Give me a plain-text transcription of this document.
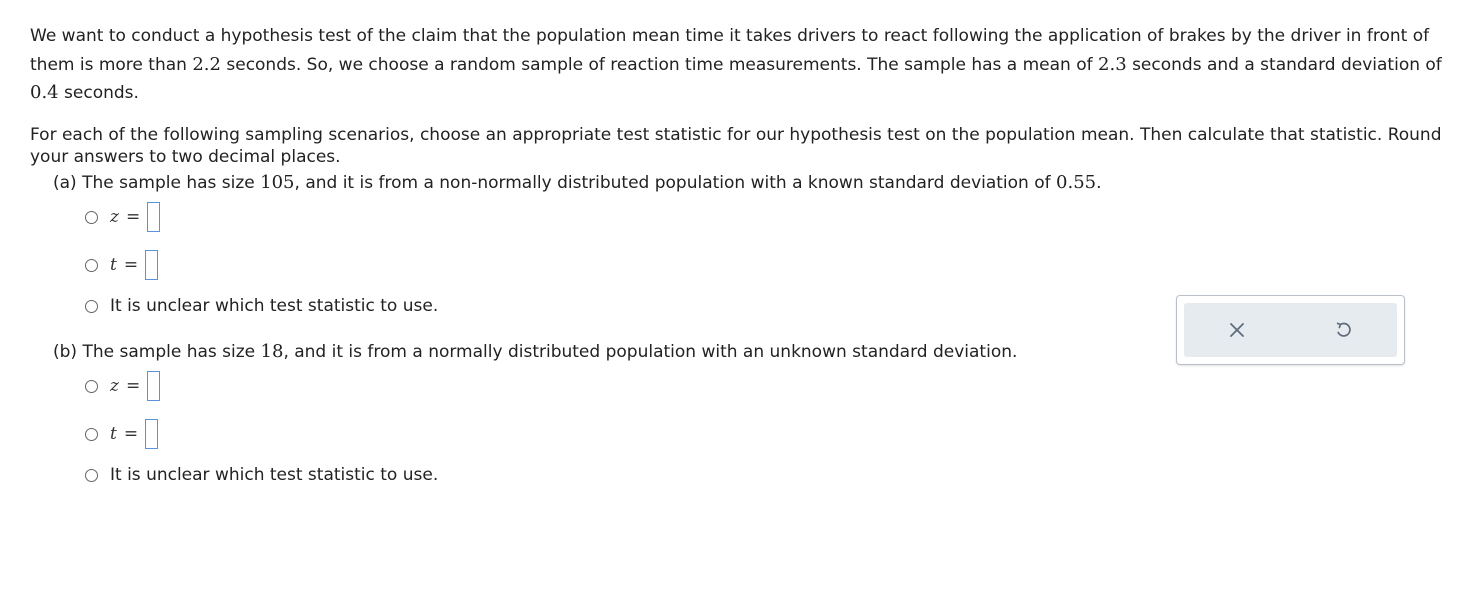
We want to conduct a hypothesis test of the claim that the population mean time it takes drivers to react following the application of brakes by the driver in front of them is more than 2.2 seconds. So, we choose a random sample of reaction time measurements. The sample has a mean of 2.3 seconds and a standard deviation of 0.4 seconds.
For each of the following sampling scenarios, choose an appropriate test statistic for our hypothesis test on the population mean. Then calculate that statistic. Round your answers to two decimal places.
(a) The sample has size 105, and it is from a non-normally distributed population with a known standard deviation of 0.55.
z =
t =
It is unclear which test statistic to use.
(b) The sample has size 18, and it is from a normally distributed population with an unknown standard deviation.
z =
t =
It is unclear which test statistic to use.
